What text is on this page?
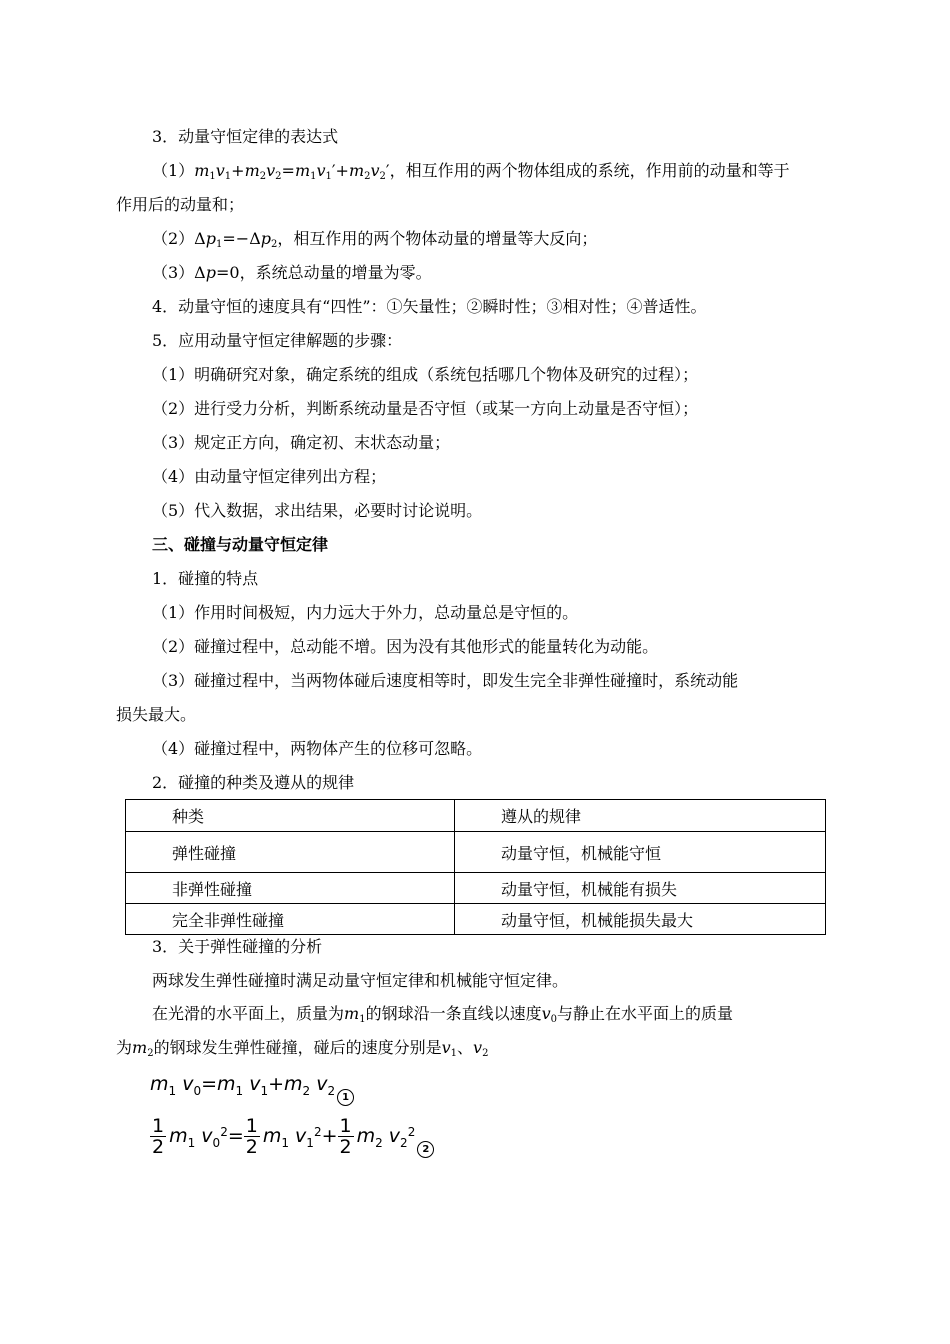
3．动量守恒定律的表达式
$(1)m_1v_1+m_2v_2=m_1v_1'+m_2v_2'$，相互作用的两个物体组成的系统，作用前的动量和等于
作用后的动量和；
$(2)\Delta p_1=-\Delta p_2$，相互作用的两个物体动量的增量等大反向；
（3）Δp=0，系统总动量的增量为零。
4．动量守恒的速度具有“四性”：①矢量性；②瞬时性；③相对性；④普适性。
5．应用动量守恒定律解题的步骤：
（1）明确研究对象，确定系统的组成（系统包括哪几个物体及研究的过程）；
（2）进行受力分析，判断系统动量是否守恒（或某一方向上动量是否守恒）；
（3）规定正方向，确定初、末状态动量；
（4）由动量守恒定律列出方程；
（5）代入数据，求出结果，必要时讨论说明。
三、碰撞与动量守恒定律
1．碰撞的特点
（1）作用时间极短，内力远大于外力，总动量总是守恒的。
（2）碰撞过程中，总动能不增。因为没有其他形式的能量转化为动能。
（3）碰撞过程中，当两物体碰后速度相等时，即发生完全非弹性碰撞时，系统动能
损失最大。
（4）碰撞过程中，两物体产生的位移可忽略。
2．碰撞的种类及遵从的规律
种类	遵从的规律
弹性碰撞	动量守恒，机械能守恒
非弹性碰撞	动量守恒，机械能有损失
完全非弹性碰撞	动量守恒，机械能损失最大
3．关于弹性碰撞的分析
两球发生弹性碰撞时满足动量守恒定律和机械能守恒定律。
在光滑的水平面上，质量为$m_1$的钢球沿一条直线以速度$v_0$与静止在水平面上的质量
为$m_2$的钢球发生弹性碰撞，碰后的速度分别是$v_1$、$v_2$
$m_1$ $v_0=m_1$ $v_1+m_2$ $v_2$ 1
$\frac{1}{2} m_1$ $v_0^2= \frac{1}{2} m_1$ $v_1^2+ \frac{1}{2} m_2$ $v_2^22$
